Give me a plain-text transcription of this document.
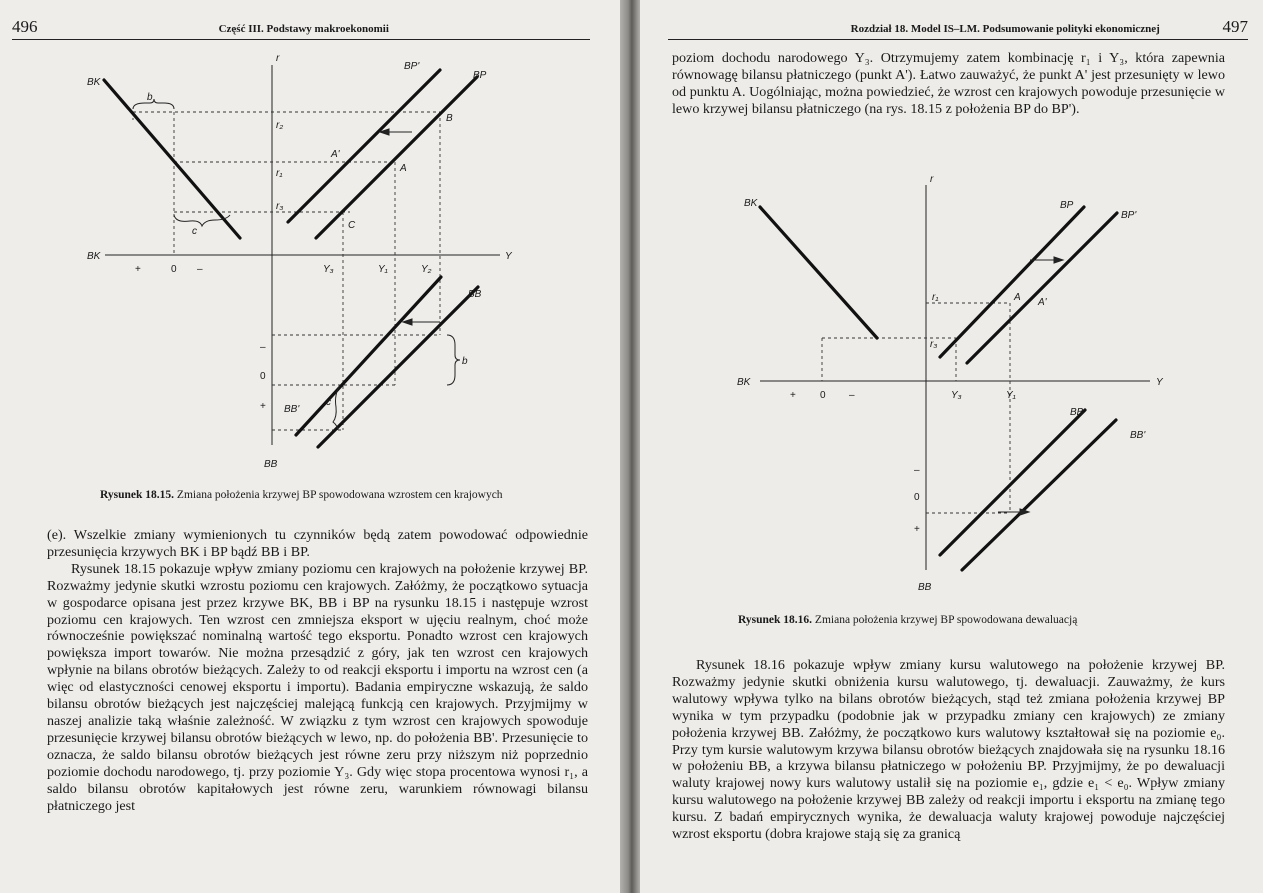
496	Część III. Podstawy makroekonomii
r
BK
BP'
BP
b
B
r₂
A'
A
r₁
r₃
C
c
BK	Y
+	0 –	Y₃	Y₁	Y₂
BB
b
–
0
+ BB'
c
BB
Rysunek 18.15. Zmiana położenia krzywej BP spowodowana wzrostem cen krajowych

(e). Wszelkie zmiany wymienionych tu czynników będą zatem powodować odpowiednie przesunięcia krzywych BK i BP bądź BB i BP.

Rysunek 18.15 pokazuje wpływ zmiany poziomu cen krajowych na położenie krzywej BP. Rozważmy jedynie skutki wzrostu poziomu cen krajowych. Załóżmy, że początkowo sytuacja w gospodarce opisana jest przez krzywe BK, BB i BP na rysunku 18.15 i następuje wzrost poziomu cen krajowych. Ten wzrost cen zmniejsza eksport w ujęciu realnym, choć może równocześnie powiększać nominalną wartość tego eksportu. Ponadto wzrost cen krajowych powiększa import towarów. Nie można przesądzić z góry, jak ten wzrost cen krajowych wpłynie na bilans obrotów bieżących. Zależy to od reakcji eksportu i importu na wzrost cen (a więc od elastyczności cenowej eksportu i importu). Badania empiryczne wskazują, że saldo bilansu obrotów bieżących jest najczęściej malejącą funkcją cen krajowych. Przyjmijmy w naszej analizie taką właśnie zależność. W związku z tym wzrost cen krajowych spowoduje przesunięcie krzywej bilansu obrotów bieżących w lewo, np. do położenia BB'. Przesunięcie to oznacza, że saldo bilansu obrotów bieżących jest równe zeru przy niższym niż poprzednio poziomie dochodu narodowego, tj. przy poziomie Y₃. Gdy więc stopa procentowa wynosi r₁, a saldo bilansu obrotów kapitałowych jest równe zeru, warunkiem równowagi bilansu płatniczego jest

Rozdział 18. Model IS–LM. Podsumowanie polityki ekonomicznej	497

poziom dochodu narodowego Y₃. Otrzymujemy zatem kombinację r₁ i Y₃, która zapewnia równowagę bilansu płatniczego (punkt A'). Łatwo zauważyć, że punkt A' jest przesunięty w lewo od punktu A. Uogólniając, można powiedzieć, że wzrost cen krajowych powoduje przesunięcie w lewo krzywej bilansu płatniczego (na rys. 18.15 z położenia BP do BP').

r
BK	BP
BP'
r₁	A A'
r₃
BK	Y
+ 0 –	Y₃	Y₁
BB
BB'
–
0
+
BB
Rysunek 18.16. Zmiana położenia krzywej BP spowodowana dewaluacją

Rysunek 18.16 pokazuje wpływ zmiany kursu walutowego na położenie krzywej BP. Rozważmy jedynie skutki obniżenia kursu walutowego, tj. dewaluacji. Zauważmy, że kurs walutowy wpływa tylko na bilans obrotów bieżących, stąd też zmiana położenia krzywej BP wynika w tym przypadku (podobnie jak w przypadku zmiany cen krajowych) ze zmiany położenia krzywej BB. Załóżmy, że początkowo kurs walutowy kształtował się na poziomie e₀. Przy tym kursie walutowym krzywa bilansu obrotów bieżących znajdowała się na rysunku 18.16 w położeniu BB, a krzywa bilansu płatniczego w położeniu BP. Przyjmijmy, że po dewaluacji waluty krajowej nowy kurs walutowy ustalił się na poziomie e₁, gdzie e₁ < e₀. Wpływ zmiany kursu walutowego na położenie krzywej BB zależy od reakcji importu i eksportu na zmianę tego kursu. Z badań empirycznych wynika, że dewaluacja waluty krajowej powoduje najczęściej wzrost eksportu (dobra krajowe stają się za granicą
